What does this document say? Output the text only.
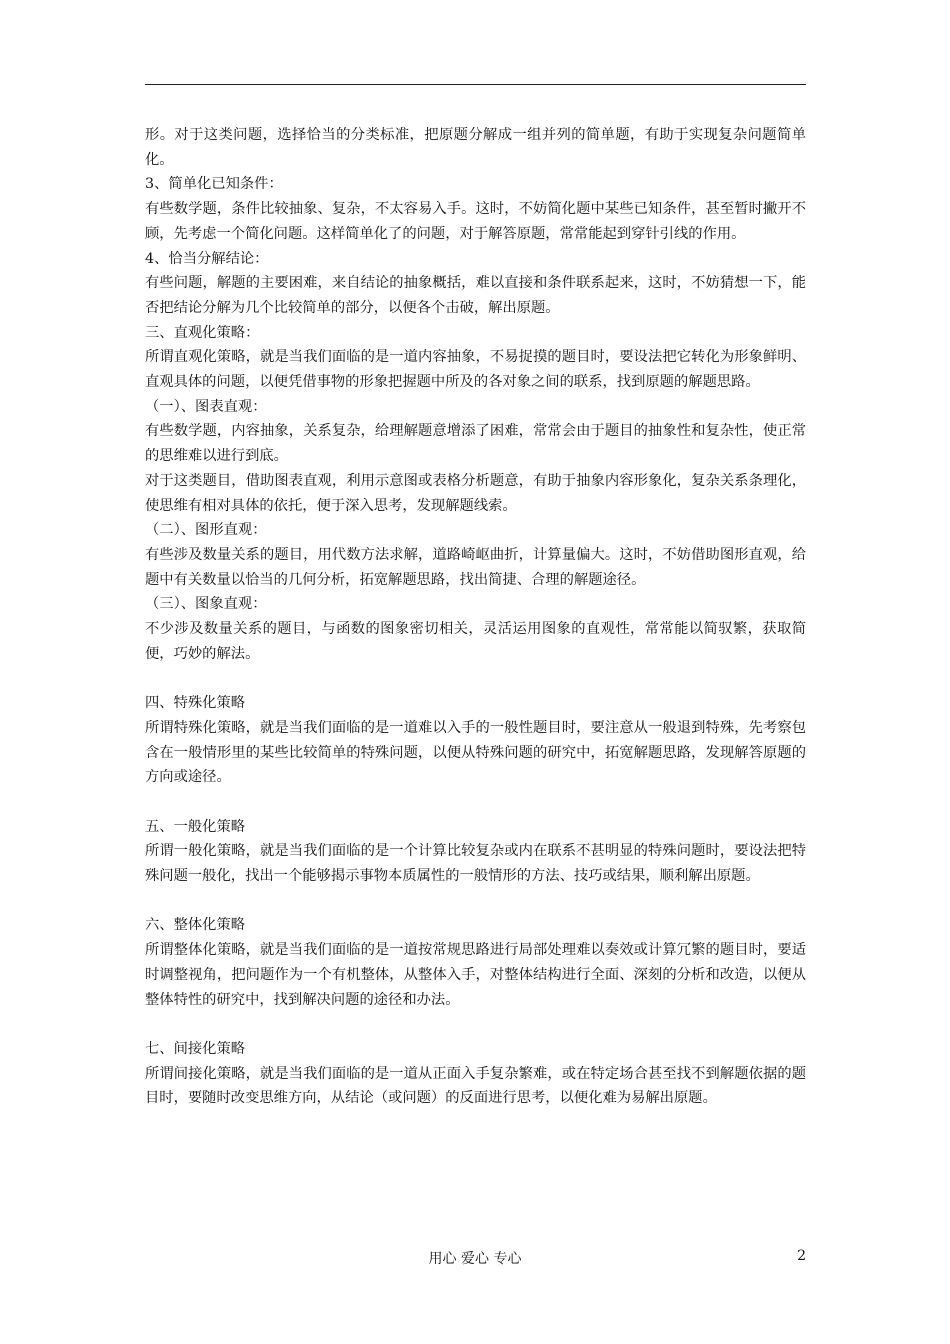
形。对于这类问题，选择恰当的分类标准，把原题分解成一组并列的简单题，有助于实现复杂问题简单化。

3、简单化已知条件：

有些数学题，条件比较抽象、复杂，不太容易入手。这时，不妨简化题中某些已知条件，甚至暂时撇开不顾，先考虑一个简化问题。这样简单化了的问题，对于解答原题，常常能起到穿针引线的作用。

4、恰当分解结论：

有些问题，解题的主要困难，来自结论的抽象概括，难以直接和条件联系起来，这时，不妨猜想一下，能否把结论分解为几个比较简单的部分，以便各个击破，解出原题。

三、直观化策略：

所谓直观化策略，就是当我们面临的是一道内容抽象，不易捉摸的题目时，要设法把它转化为形象鲜明、直观具体的问题，以便凭借事物的形象把握题中所及的各对象之间的联系，找到原题的解题思路。

（一）、图表直观：

有些数学题，内容抽象，关系复杂，给理解题意增添了困难，常常会由于题目的抽象性和复杂性，使正常的思维难以进行到底。

对于这类题目，借助图表直观，利用示意图或表格分析题意，有助于抽象内容形象化，复杂关系条理化，使思维有相对具体的依托，便于深入思考，发现解题线索。

（二）、图形直观：

有些涉及数量关系的题目，用代数方法求解，道路崎岖曲折，计算量偏大。这时，不妨借助图形直观，给题中有关数量以恰当的几何分析，拓宽解题思路，找出简捷、合理的解题途径。

（三）、图象直观：

不少涉及数量关系的题目，与函数的图象密切相关，灵活运用图象的直观性，常常能以简驭繁，获取简便，巧妙的解法。

四、特殊化策略

所谓特殊化策略，就是当我们面临的是一道难以入手的一般性题目时，要注意从一般退到特殊，先考察包含在一般情形里的某些比较简单的特殊问题，以便从特殊问题的研究中，拓宽解题思路，发现解答原题的方向或途径。

五、一般化策略

所谓一般化策略，就是当我们面临的是一个计算比较复杂或内在联系不甚明显的特殊问题时，要设法把特殊问题一般化，找出一个能够揭示事物本质属性的一般情形的方法、技巧或结果，顺利解出原题。

六、整体化策略

所谓整体化策略，就是当我们面临的是一道按常规思路进行局部处理难以奏效或计算冗繁的题目时，要适时调整视角，把问题作为一个有机整体，从整体入手，对整体结构进行全面、深刻的分析和改造，以便从整体特性的研究中，找到解决问题的途径和办法。

七、间接化策略

所谓间接化策略，就是当我们面临的是一道从正面入手复杂繁难，或在特定场合甚至找不到解题依据的题目时，要随时改变思维方向，从结论（或问题）的反面进行思考，以便化难为易解出原题。

用心 爱心 专心	2
